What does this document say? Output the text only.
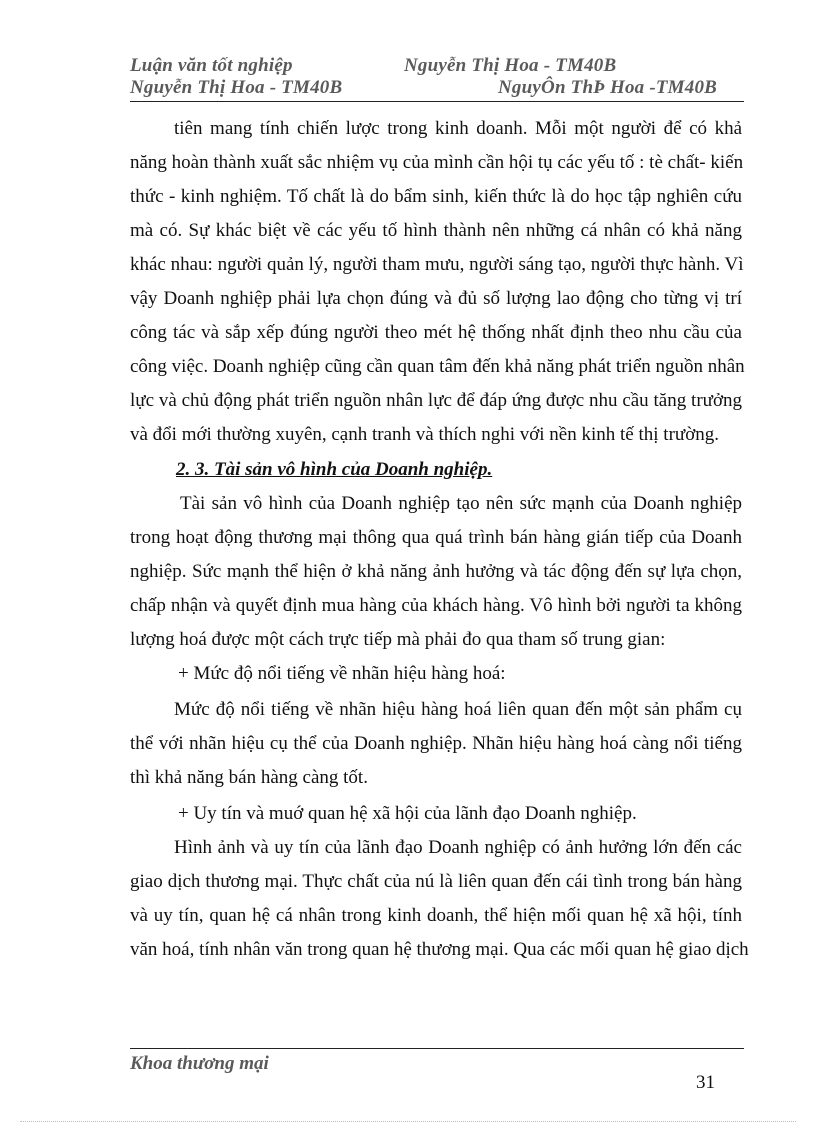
Luận văn tốt nghiệp	Nguyễn Thị Hoa - TM40B
Nguyễn Thị Hoa - TM40B	NguyÔn ThÞ Hoa -TM40B
tiên mang tính chiến lược trong kinh doanh. Mỗi một người để có khả
năng hoàn thành xuất sắc nhiệm vụ của mình cần hội tụ các yếu tố : tè chất- kiến
thức - kinh nghiệm. Tố chất là do bẩm sinh, kiến thức là do học tập nghiên cứu
mà có. Sự khác biệt về các yếu tố hình thành nên những cá nhân có khả năng
khác nhau: người quản lý, người tham mưu, người sáng tạo, người thực hành. Vì
vậy Doanh nghiệp phải lựa chọn đúng và đủ số lượng lao động cho từng vị trí
công tác và sắp xếp đúng người theo mét hệ thống nhất định theo nhu cầu của
công việc. Doanh nghiệp cũng cần quan tâm đến khả năng phát triển nguồn nhân
lực và chủ động phát triển nguồn nhân lực để đáp ứng được nhu cầu tăng trưởng
và đổi mới thường xuyên, cạnh tranh và thích nghi với nền kinh tế thị trường.
2. 3. Tài sản vô hình của Doanh nghiệp.
Tài sản vô hình của Doanh nghiệp tạo nên sức mạnh của Doanh nghiệp
trong hoạt động thương mại thông qua quá trình bán hàng gián tiếp của Doanh
nghiệp. Sức mạnh thể hiện ở khả năng ảnh hưởng và tác động đến sự lựa chọn,
chấp nhận và quyết định mua hàng của khách hàng. Vô hình bởi người ta không
lượng hoá được một cách trực tiếp mà phải đo qua tham số trung gian:
+ Mức độ nổi tiếng về nhãn hiệu hàng hoá:
Mức độ nổi tiếng về nhãn hiệu hàng hoá liên quan đến một sản phẩm cụ
thể với nhãn hiệu cụ thể của Doanh nghiệp. Nhãn hiệu hàng hoá càng nổi tiếng
thì khả năng bán hàng càng tốt.
+ Uy tín và muớ quan hệ xã hội của lãnh đạo Doanh nghiệp.
Hình ảnh và uy tín của lãnh đạo Doanh nghiệp có ảnh hưởng lớn đến các
giao dịch thương mại. Thực chất của nú là liên quan đến cái tình trong bán hàng
và uy tín, quan hệ cá nhân trong kinh doanh, thể hiện mối quan hệ xã hội, tính
văn hoá, tính nhân văn trong quan hệ thương mại. Qua các mối quan hệ giao dịch
Khoa thương mại
31
